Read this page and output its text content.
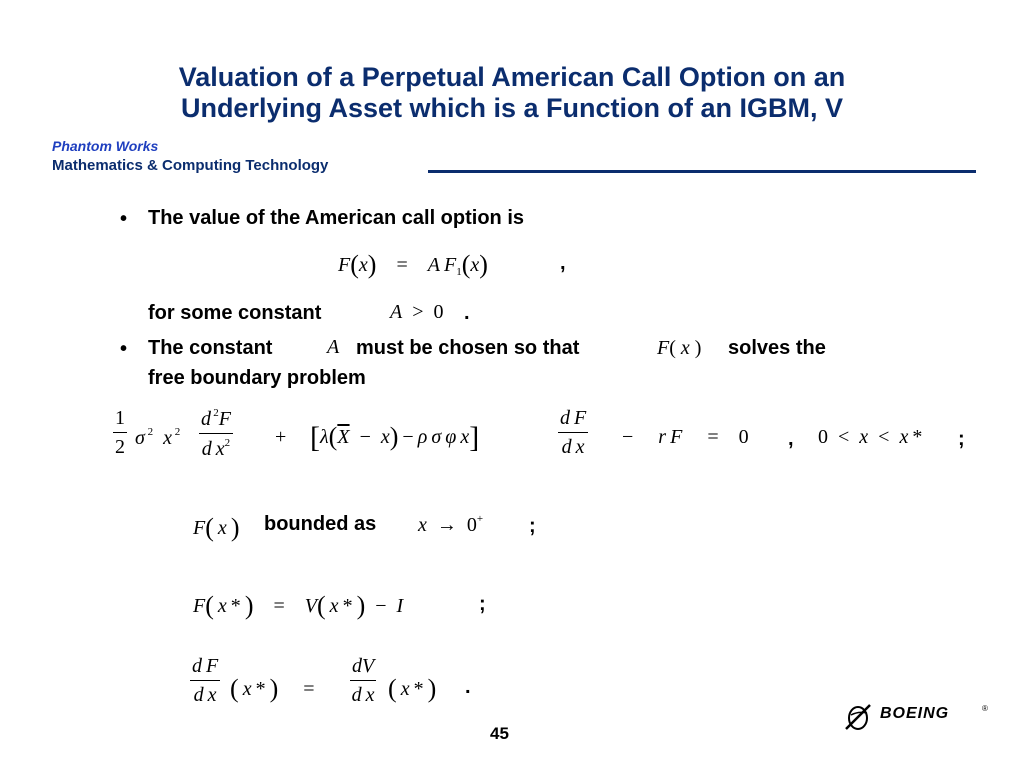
Valuation of a Perpetual American Call Option on an
Underlying Asset which is a Function of an IGBM, V
Phantom Works
Mathematics & Computing Technology
• The value of the American call option is
F(x)    =    A  $F_1(x)$	,
for some constant	A  >  0 .
• The constant	A must be chosen so that	F( x ) solves the
free boundary problem
$\frac{1}{2}$ σ $^2$ x $^2 \frac{d ^2F}{d x^2} + [\lambda(\overline{X} - x) - \rho$  σ  φ  x]	$\frac{\text{d  F}}{\text{d  x}}$ −     r  F     =    0 , 0  <  x  <  x * ;
F(  x  ) bounded as x  →  0+ ;
F(  x * )    =    V(  x * )  −  I	;
$\frac{\text{d  F}}{\text{d  x}}$ (  x * )     = $\frac{dV}{\text{d  x}}$ (  x * ) .
45
BOEING	®
